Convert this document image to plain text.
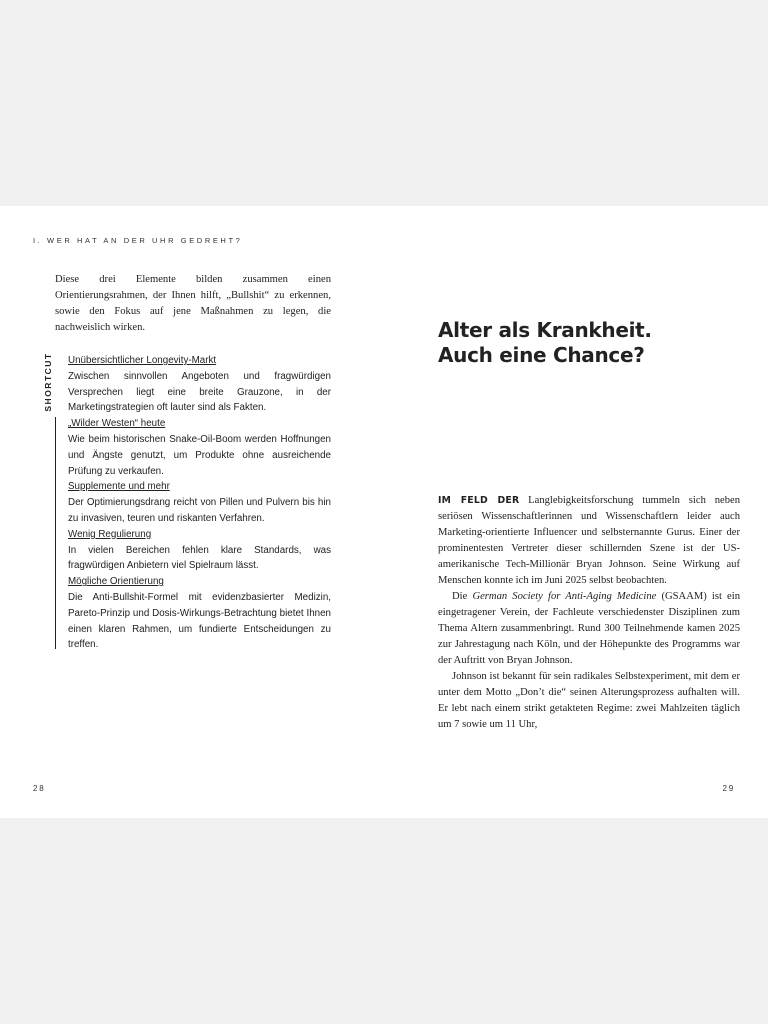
I. WER HAT AN DER UHR GEDREHT?

Diese drei Elemente bilden zusammen einen Orientierungsrahmen, der Ihnen hilft, „Bullshit“ zu erkennen, sowie den Fokus auf jene Maßnahmen zu legen, die nachweislich wirken.

SHORTCUT Unübersichtlicher Longevity-Markt
Zwischen sinnvollen Angeboten und fragwürdigen Versprechen liegt eine breite Grauzone, in der Marketingstrategien oft lauter sind als Fakten.
„Wilder Westen“ heute
Wie beim historischen Snake-Oil-Boom werden Hoffnungen und Ängste genutzt, um Produkte ohne ausreichende Prüfung zu verkaufen.
Supplemente und mehr
Der Optimierungsdrang reicht von Pillen und Pulvern bis hin zu invasiven, teuren und riskanten Verfahren.
Wenig Regulierung
In vielen Bereichen fehlen klare Standards, was fragwürdigen Anbietern viel Spielraum lässt.
Mögliche Orientierung
Die Anti-Bullshit-Formel mit evidenzbasierter Medizin, Pareto-Prinzip und Dosis-Wirkungs-Betrachtung bietet Ihnen einen klaren Rahmen, um fundierte Entscheidungen zu treffen.
Alter als Krankheit.
Auch eine Chance?

IM FELD DER Langlebigkeitsforschung tummeln sich neben seriösen Wissenschaftlerinnen und Wissenschaftlern leider auch Marketing-orientierte Influencer und selbsternannte Gurus. Einer der prominentesten Vertreter dieser schillernden Szene ist der US-amerikanische Tech-Millionär Bryan Johnson. Seine Wirkung auf Menschen konnte ich im Juni 2025 selbst beobachten.

Die German Society for Anti-Aging Medicine (GSAAM) ist ein eingetragener Verein, der Fachleute verschiedenster Disziplinen zum Thema Altern zusammenbringt. Rund 300 Teilnehmende kamen 2025 zur Jahrestagung nach Köln, und der Höhepunkte des Programms war der Auftritt von Bryan Johnson.

Johnson ist bekannt für sein radikales Selbstexperiment, mit dem er unter dem Motto „Don’t die“ seinen Alterungsprozess aufhalten will. Er lebt nach einem strikt getakteten Regime: zwei Mahlzeiten täglich um 7 sowie um 11 Uhr,

28	29
